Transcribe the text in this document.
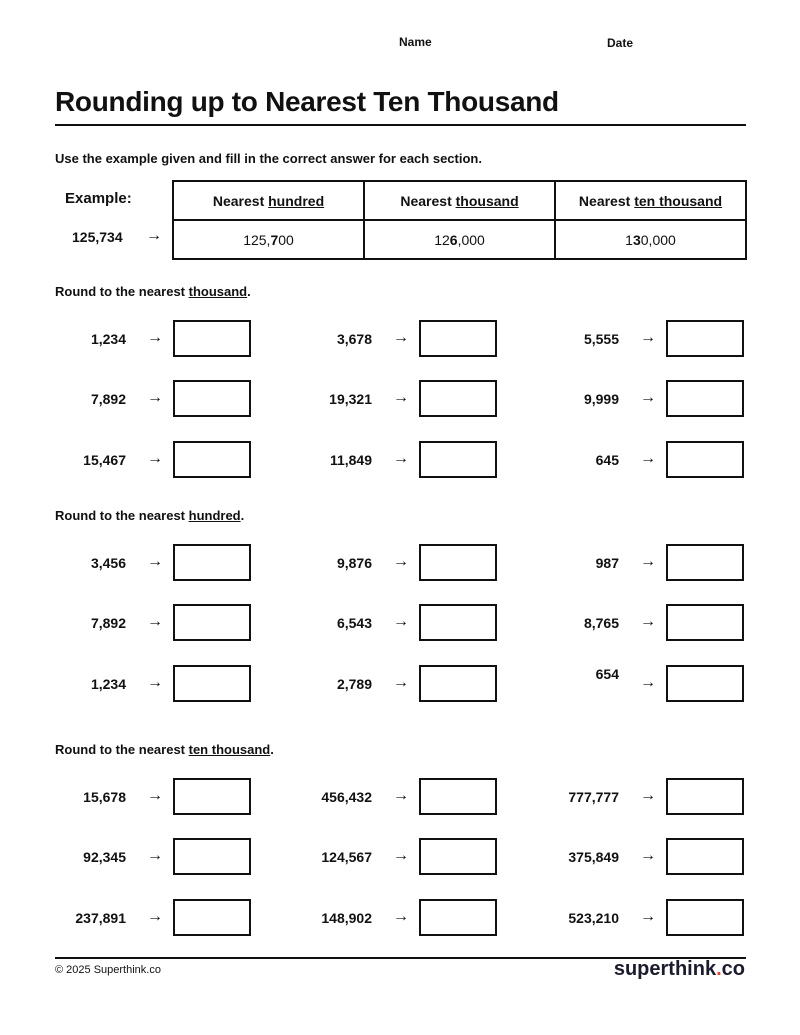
Name	Date
Rounding up to Nearest Ten Thousand
Use the example given and fill in the correct answer for each section.
Example:
125,734 →
Nearest hundred	Nearest thousand	Nearest ten thousand
125,700	126,000	130,000
Round to the nearest thousand.
1,234 →	3,678 →	5,555 →
7,892 →	19,321 →	9,999 →
15,467 →	11,849 →	645 →
Round to the nearest hundred.
3,456 →	9,876 →	987 →
7,892 →	6,543 →	8,765 →
1,234 →	2,789 →	654 →
Round to the nearest ten thousand.
15,678 →	456,432 →	777,777 →
92,345 →	124,567 →	375,849 →
237,891 →	148,902 →	523,210 →
© 2025 Superthink.co	superthink.co
